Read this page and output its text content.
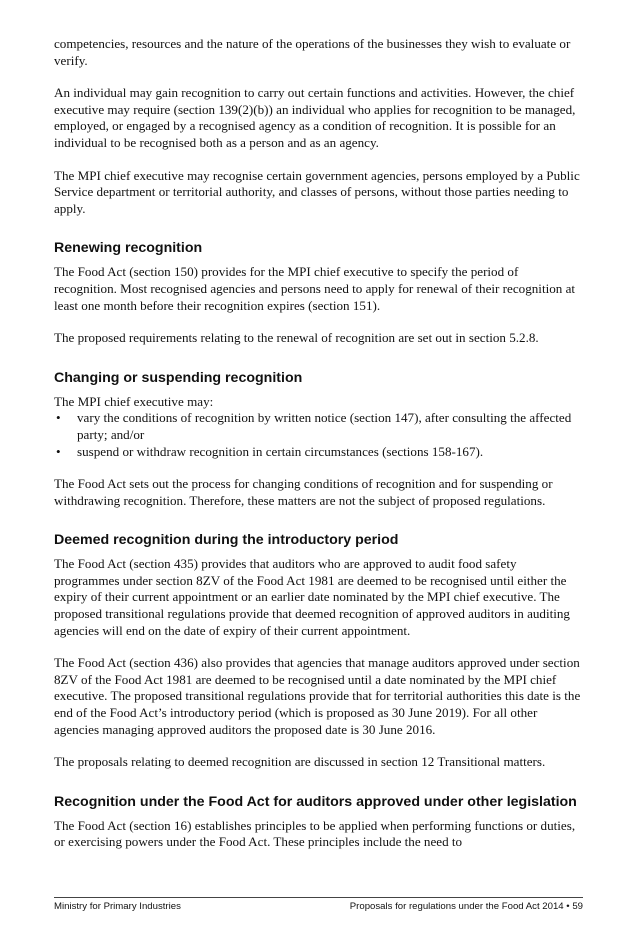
competencies, resources and the nature of the operations of the businesses they wish to evaluate or verify.

An individual may gain recognition to carry out certain functions and activities. However, the chief executive may require (section 139(2)(b)) an individual who applies for recognition to be managed, employed, or engaged by a recognised agency as a condition of recognition. It is possible for an individual to be recognised both as a person and as an agency.

The MPI chief executive may recognise certain government agencies, persons employed by a Public Service department or territorial authority, and classes of persons, without those parties needing to apply.

Renewing recognition

The Food Act (section 150) provides for the MPI chief executive to specify the period of recognition. Most recognised agencies and persons need to apply for renewal of their recognition at least one month before their recognition expires (section 151).

The proposed requirements relating to the renewal of recognition are set out in section 5.2.8.

Changing or suspending recognition

The MPI chief executive may:

• vary the conditions of recognition by written notice (section 147), after consulting the affected party; and/or
• suspend or withdraw recognition in certain circumstances (sections 158-167).

The Food Act sets out the process for changing conditions of recognition and for suspending or withdrawing recognition. Therefore, these matters are not the subject of proposed regulations.

Deemed recognition during the introductory period

The Food Act (section 435) provides that auditors who are approved to audit food safety programmes under section 8ZV of the Food Act 1981 are deemed to be recognised until either the expiry of their current appointment or an earlier date nominated by the MPI chief executive. The proposed transitional regulations provide that deemed recognition of approved auditors in auditing agencies will end on the date of expiry of their current appointment.

The Food Act (section 436) also provides that agencies that manage auditors approved under section 8ZV of the Food Act 1981 are deemed to be recognised until a date nominated by the MPI chief executive. The proposed transitional regulations provide that for territorial authorities this date is the end of the Food Act’s introductory period (which is proposed as 30 June 2019). For all other agencies managing approved auditors the proposed date is 30 June 2016.

The proposals relating to deemed recognition are discussed in section 12 Transitional matters.

Recognition under the Food Act for auditors approved under other legislation

The Food Act (section 16) establishes principles to be applied when performing functions or duties, or exercising powers under the Food Act. These principles include the need to

Ministry for Primary Industries	Proposals for regulations under the Food Act 2014 • 59
